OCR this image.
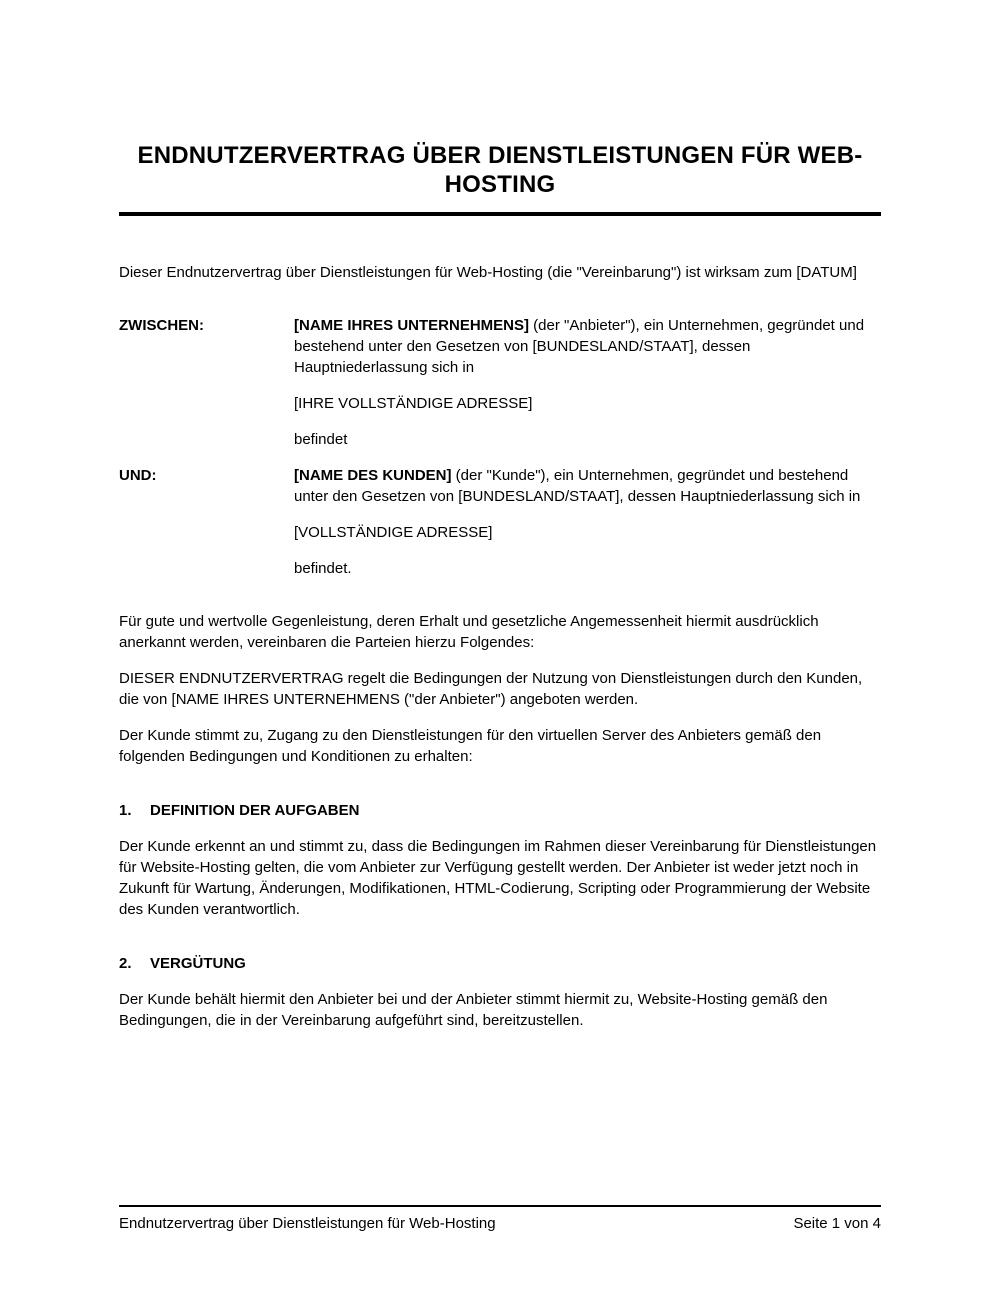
ENDNUTZERVERTRAG ÜBER DIENSTLEISTUNGEN FÜR WEB-HOSTING

Dieser Endnutzervertrag über Dienstleistungen für Web-Hosting (die "Vereinbarung") ist wirksam zum [DATUM]

ZWISCHEN:	[NAME IHRES UNTERNEHMENS] (der "Anbieter"), ein Unternehmen, gegründet und bestehend unter den Gesetzen von [BUNDESLAND/STAAT], dessen Hauptniederlassung sich in

[IHRE VOLLSTÄNDIGE ADRESSE]

befindet

UND:	[NAME DES KUNDEN] (der "Kunde"), ein Unternehmen, gegründet und bestehend unter den Gesetzen von [BUNDESLAND/STAAT], dessen Hauptniederlassung sich in

[VOLLSTÄNDIGE ADRESSE]

befindet.

Für gute und wertvolle Gegenleistung, deren Erhalt und gesetzliche Angemessenheit hiermit ausdrücklich anerkannt werden, vereinbaren die Parteien hierzu Folgendes:

DIESER ENDNUTZERVERTRAG regelt die Bedingungen der Nutzung von Dienstleistungen durch den Kunden, die von [NAME IHRES UNTERNEHMENS ("der Anbieter") angeboten werden.

Der Kunde stimmt zu, Zugang zu den Dienstleistungen für den virtuellen Server des Anbieters gemäß den folgenden Bedingungen und Konditionen zu erhalten:

1.	DEFINITION DER AUFGABEN

Der Kunde erkennt an und stimmt zu, dass die Bedingungen im Rahmen dieser Vereinbarung für Dienstleistungen für Website-Hosting gelten, die vom Anbieter zur Verfügung gestellt werden. Der Anbieter ist weder jetzt noch in Zukunft für Wartung, Änderungen, Modifikationen, HTML-Codierung, Scripting oder Programmierung der Website des Kunden verantwortlich.

2.	VERGÜTUNG

Der Kunde behält hiermit den Anbieter bei und der Anbieter stimmt hiermit zu, Website-Hosting gemäß den Bedingungen, die in der Vereinbarung aufgeführt sind, bereitzustellen.

Endnutzervertrag über Dienstleistungen für Web-Hosting	Seite 1 von 4
